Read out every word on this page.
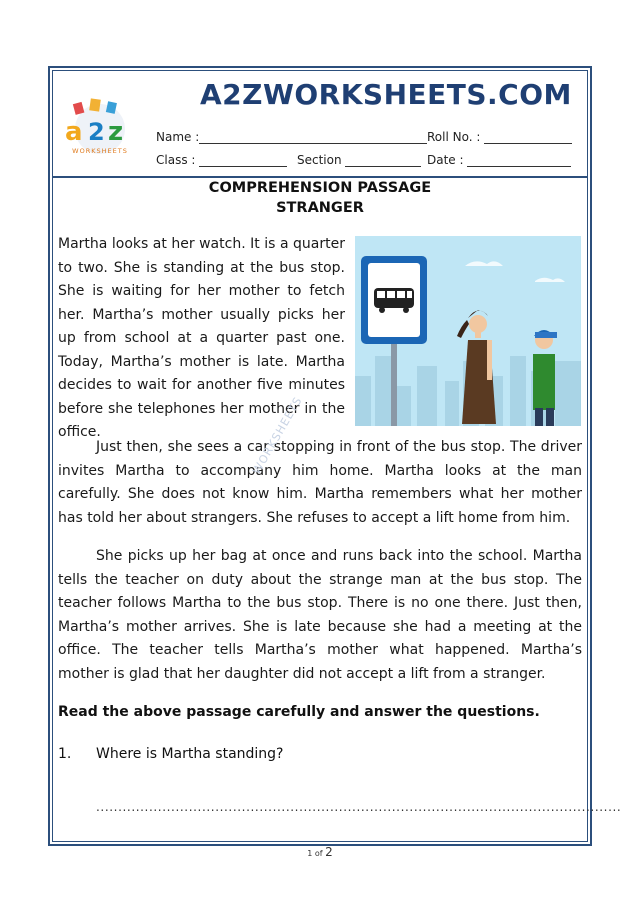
a 2 z
WORKSHEETS
A2ZWORKSHEETS.COM
Name :	Roll No. :
Class :	Section	Date :
COMPREHENSION PASSAGE
STRANGER
Martha looks at her watch. It is a quarter to two. She is standing at the bus stop. She is waiting for her mother to fetch her. Martha’s mother usually picks her up from school at a quarter past one. Today, Martha’s mother is late. Martha decides to wait for another five minutes before she telephones her mother in the office.
Just then, she sees a car stopping in front of the bus stop. The driver invites Martha to accompany him home. Martha looks at the man carefully. She does not know him. Martha remembers what her mother has told her about strangers. She refuses to accept a lift home from him.
She picks up her bag at once and runs back into the school. Martha tells the teacher on duty about the strange man at the bus stop. The teacher follows Martha to the bus stop. There is no one there. Just then, Martha’s mother arrives. She is late because she had a meeting at the office. The teacher tells Martha’s mother what happened. Martha’s mother is glad that her daughter did not accept a lift from a stranger.
WORKSHEETS
Read the above passage carefully and answer the questions.
1. Where is Martha standing?
.......................................................................................................................
1 of 2
